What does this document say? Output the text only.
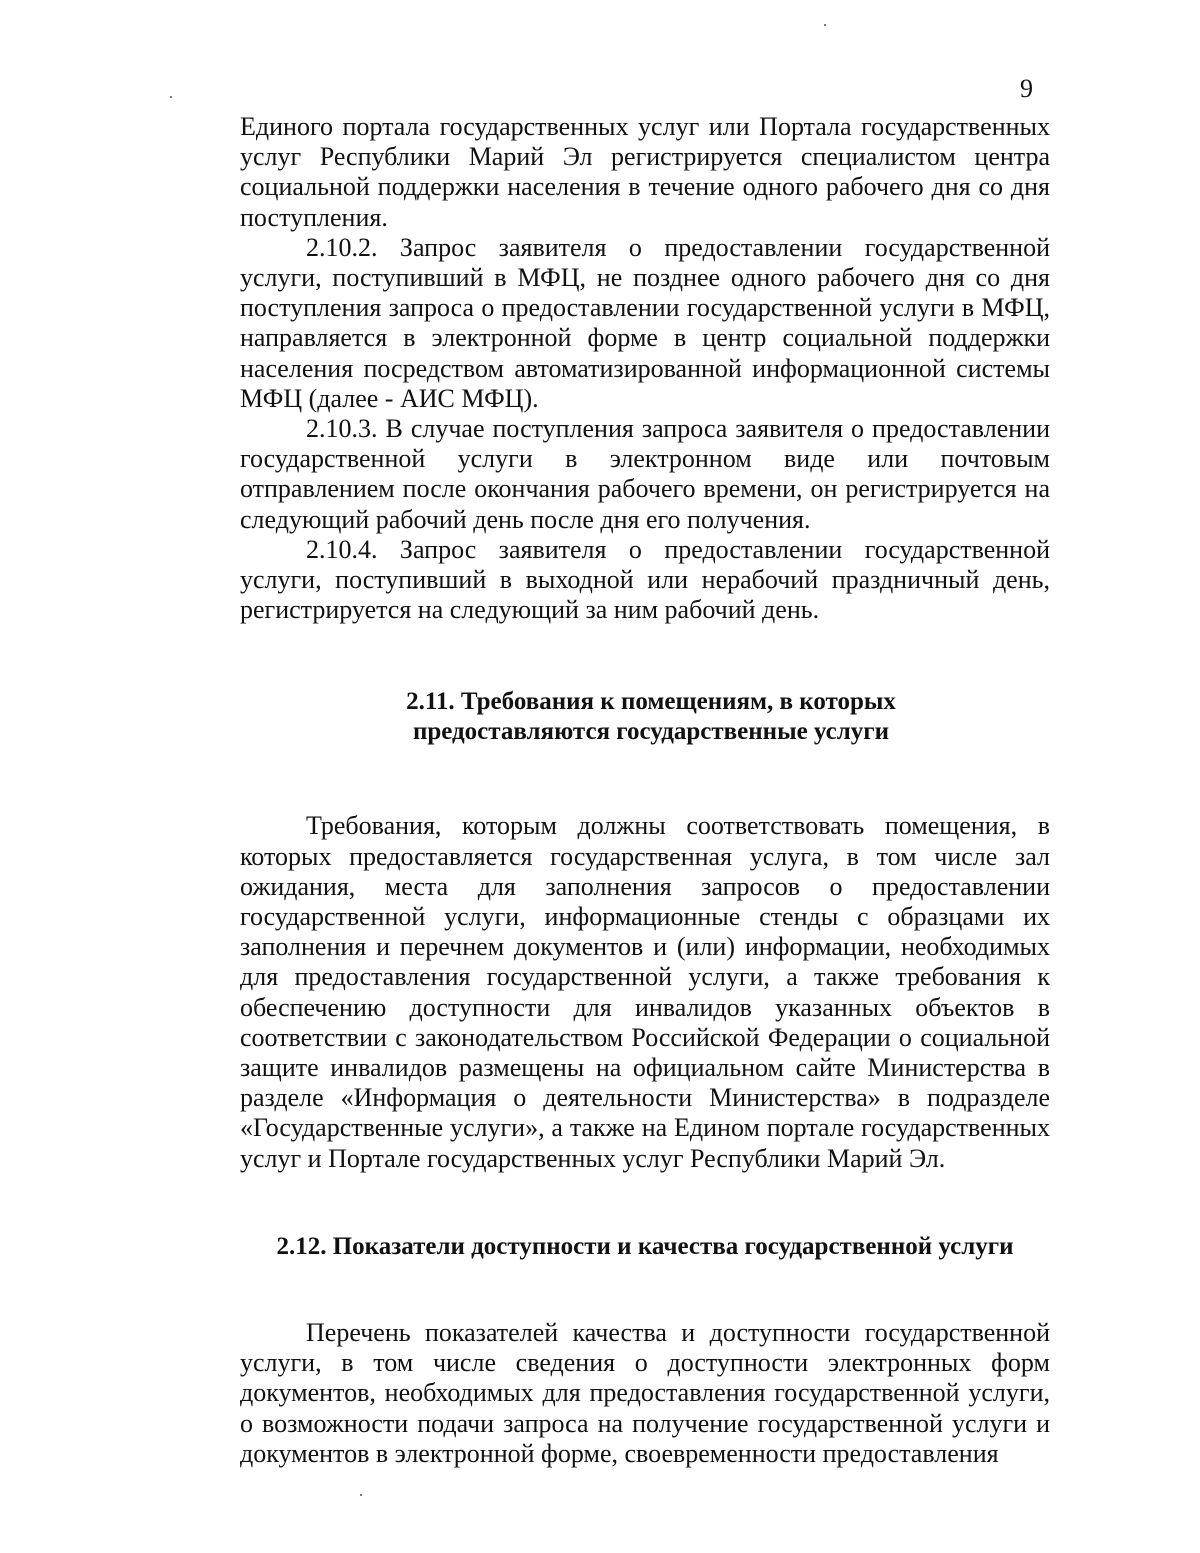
9

Единого портала государственных услуг или Портала государственных услуг Республики Марий Эл регистрируется специалистом центра социальной поддержки населения в течение одного рабочего дня со дня поступления.

2.10.2. Запрос заявителя о предоставлении государственной услуги, поступивший в МФЦ, не позднее одного рабочего дня со дня поступления запроса о предоставлении государственной услуги в МФЦ, направляется в электронной форме в центр социальной поддержки населения посредством автоматизированной информационной системы МФЦ (далее - АИС МФЦ).

2.10.3. В случае поступления запроса заявителя о предоставлении государственной услуги в электронном виде или почтовым отправлением после окончания рабочего времени, он регистрируется на следующий рабочий день после дня его получения.

2.10.4. Запрос заявителя о предоставлении государственной услуги, поступивший в выходной или нерабочий праздничный день, регистрируется на следующий за ним рабочий день.

2.11. Требования к помещениям, в которых
предоставляются государственные услуги

Требования, которым должны соответствовать помещения, в которых предоставляется государственная услуга, в том числе зал ожидания, места для заполнения запросов о предоставлении государственной услуги, информационные стенды с образцами их заполнения и перечнем документов и (или) информации, необходимых для предоставления государственной услуги, а также требования к обеспечению доступности для инвалидов указанных объектов в соответствии с законодательством Российской Федерации о социальной защите инвалидов размещены на официальном сайте Министерства в разделе «Информация о деятельности Министерства» в подразделе «Государственные услуги», а также на Едином портале государственных услуг и Портале государственных услуг Республики Марий Эл.

2.12. Показатели доступности и качества государственной услуги

Перечень показателей качества и доступности государственной услуги, в том числе сведения о доступности электронных форм документов, необходимых для предоставления государственной услуги, о возможности подачи запроса на получение государственной услуги и документов в электронной форме, своевременности предоставления
